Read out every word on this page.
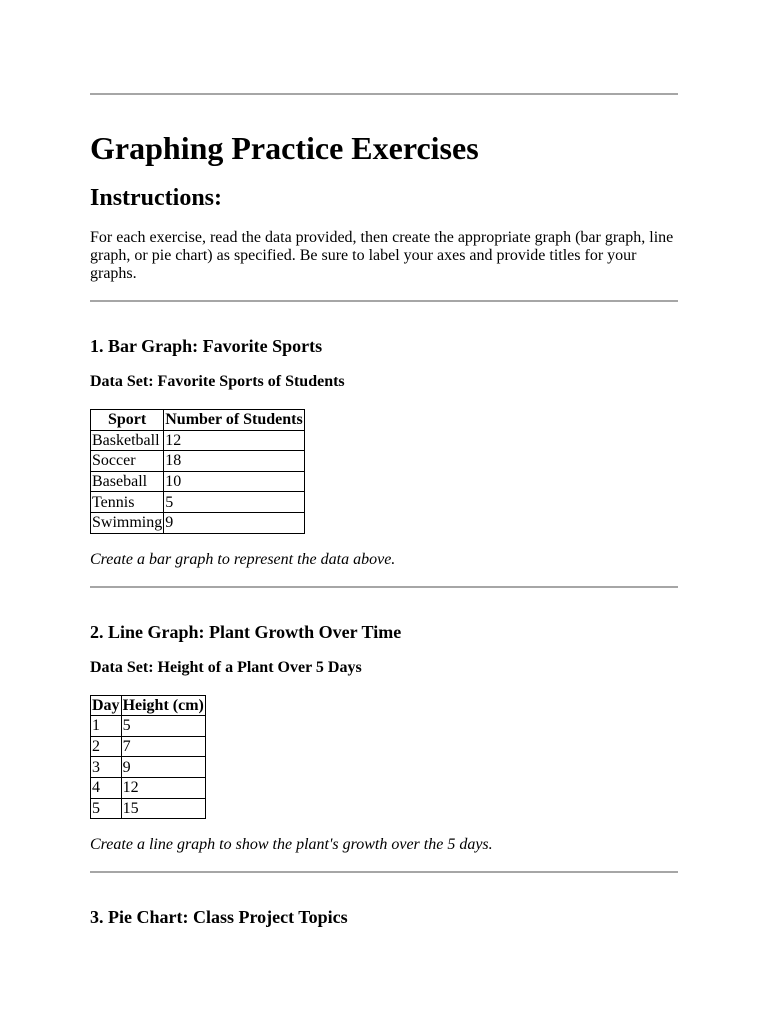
Graphing Practice Exercises
Instructions:

For each exercise, read the data provided, then create the appropriate graph (bar graph, line graph, or pie chart) as specified. Be sure to label your axes and provide titles for your graphs.

1. Bar Graph: Favorite Sports
Data Set: Favorite Sports of Students
Sport	Number of Students
Basketball	12
Soccer	18
Baseball	10
Tennis	5
Swimming	9

Create a bar graph to represent the data above.

2. Line Graph: Plant Growth Over Time
Data Set: Height of a Plant Over 5 Days
Day	Height (cm)
1	5
2	7
3	9
4	12
5	15

Create a line graph to show the plant's growth over the 5 days.

3. Pie Chart: Class Project Topics
